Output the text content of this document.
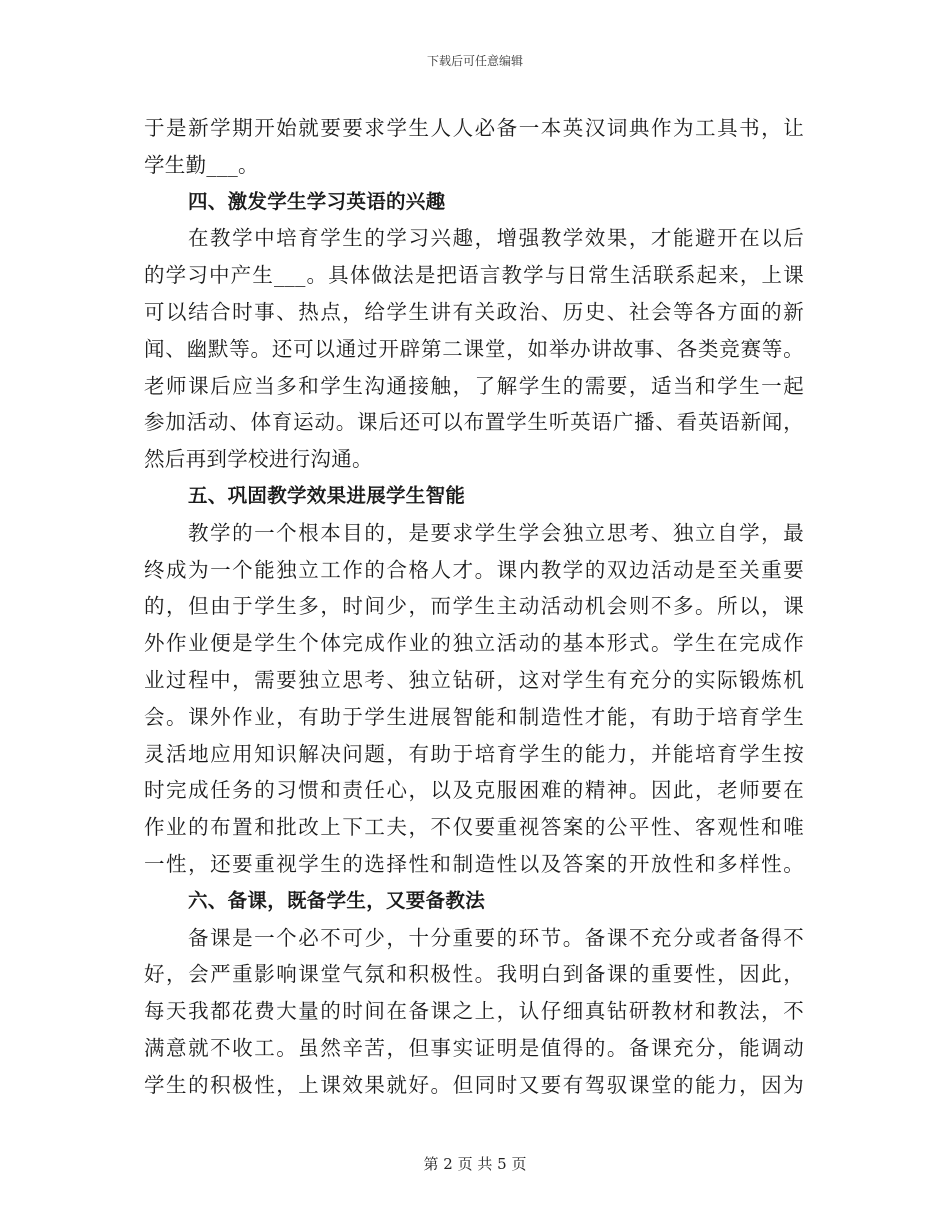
下载后可任意编辑
于是新学期开始就要要求学生人人必备一本英汉词典作为工具书，让
学生勤___。
四、激发学生学习英语的兴趣
在教学中培育学生的学习兴趣，增强教学效果，才能避开在以后
的学习中产生___。具体做法是把语言教学与日常生活联系起来，上课
可以结合时事、热点，给学生讲有关政治、历史、社会等各方面的新
闻、幽默等。还可以通过开辟第二课堂，如举办讲故事、各类竞赛等。
老师课后应当多和学生沟通接触，了解学生的需要，适当和学生一起
参加活动、体育运动。课后还可以布置学生听英语广播、看英语新闻，
然后再到学校进行沟通。
五、巩固教学效果进展学生智能
教学的一个根本目的，是要求学生学会独立思考、独立自学，最
终成为一个能独立工作的合格人才。课内教学的双边活动是至关重要
的，但由于学生多，时间少，而学生主动活动机会则不多。所以，课
外作业便是学生个体完成作业的独立活动的基本形式。学生在完成作
业过程中，需要独立思考、独立钻研，这对学生有充分的实际锻炼机
会。课外作业，有助于学生进展智能和制造性才能，有助于培育学生
灵活地应用知识解决问题，有助于培育学生的能力，并能培育学生按
时完成任务的习惯和责任心，以及克服困难的精神。因此，老师要在
作业的布置和批改上下工夫，不仅要重视答案的公平性、客观性和唯
一性，还要重视学生的选择性和制造性以及答案的开放性和多样性。
六、备课，既备学生，又要备教法
备课是一个必不可少，十分重要的环节。备课不充分或者备得不
好，会严重影响课堂气氛和积极性。我明白到备课的重要性，因此，
每天我都花费大量的时间在备课之上，认仔细真钻研教材和教法，不
满意就不收工。虽然辛苦，但事实证明是值得的。备课充分，能调动
学生的积极性，上课效果就好。但同时又要有驾驭课堂的能力，因为
第 2 页 共 5 页
